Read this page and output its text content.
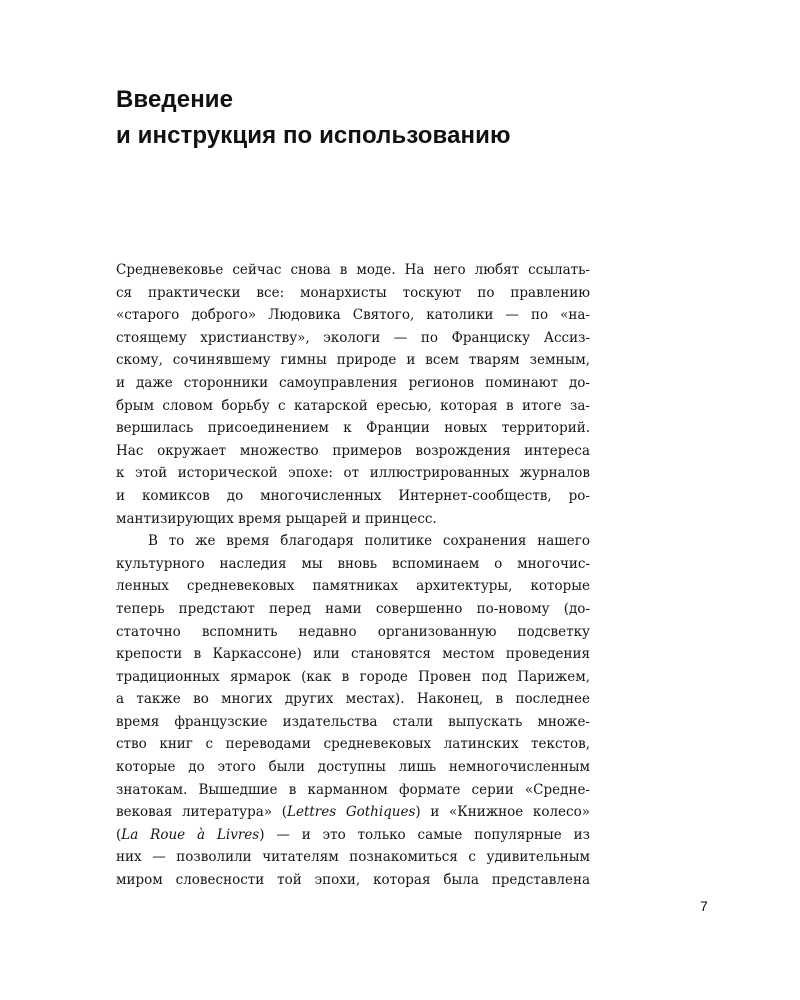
Введение
и инструкция по использованию
Средневековье сейчас снова в моде. На него любят ссылать-
ся практически все: монархисты тоскуют по правлению
«старого доброго» Людовика Святого, католики — по «на-
стоящему христианству», экологи — по Франциску Ассиз-
скому, сочинявшему гимны природе и всем тварям земным,
и даже сторонники самоуправления регионов поминают до-
брым словом борьбу с катарской ересью, которая в итоге за-
вершилась присоединением к Франции новых территорий.
Нас окружает множество примеров возрождения интереса
к этой исторической эпохе: от иллюстрированных журналов
и комиксов до многочисленных Интернет-сообществ, ро-
мантизирующих время рыцарей и принцесс.
В то же время благодаря политике сохранения нашего
культурного наследия мы вновь вспоминаем о многочис-
ленных средневековых памятниках архитектуры, которые
теперь предстают перед нами совершенно по-новому (до-
статочно вспомнить недавно организованную подсветку
крепости в Каркассоне) или становятся местом проведения
традиционных ярмарок (как в городе Провен под Парижем,
а также во многих других местах). Наконец, в последнее
время французские издательства стали выпускать множе-
ство книг с переводами средневековых латинских текстов,
которые до этого были доступны лишь немногочисленным
знатокам. Вышедшие в карманном формате серии «Средне-
вековая литература» (Lettres Gothiques) и «Книжное колесо»
(La Roue à Livres) — и это только самые популярные из
них — позволили читателям познакомиться с удивительным
миром словесности той эпохи, которая была представлена
7
